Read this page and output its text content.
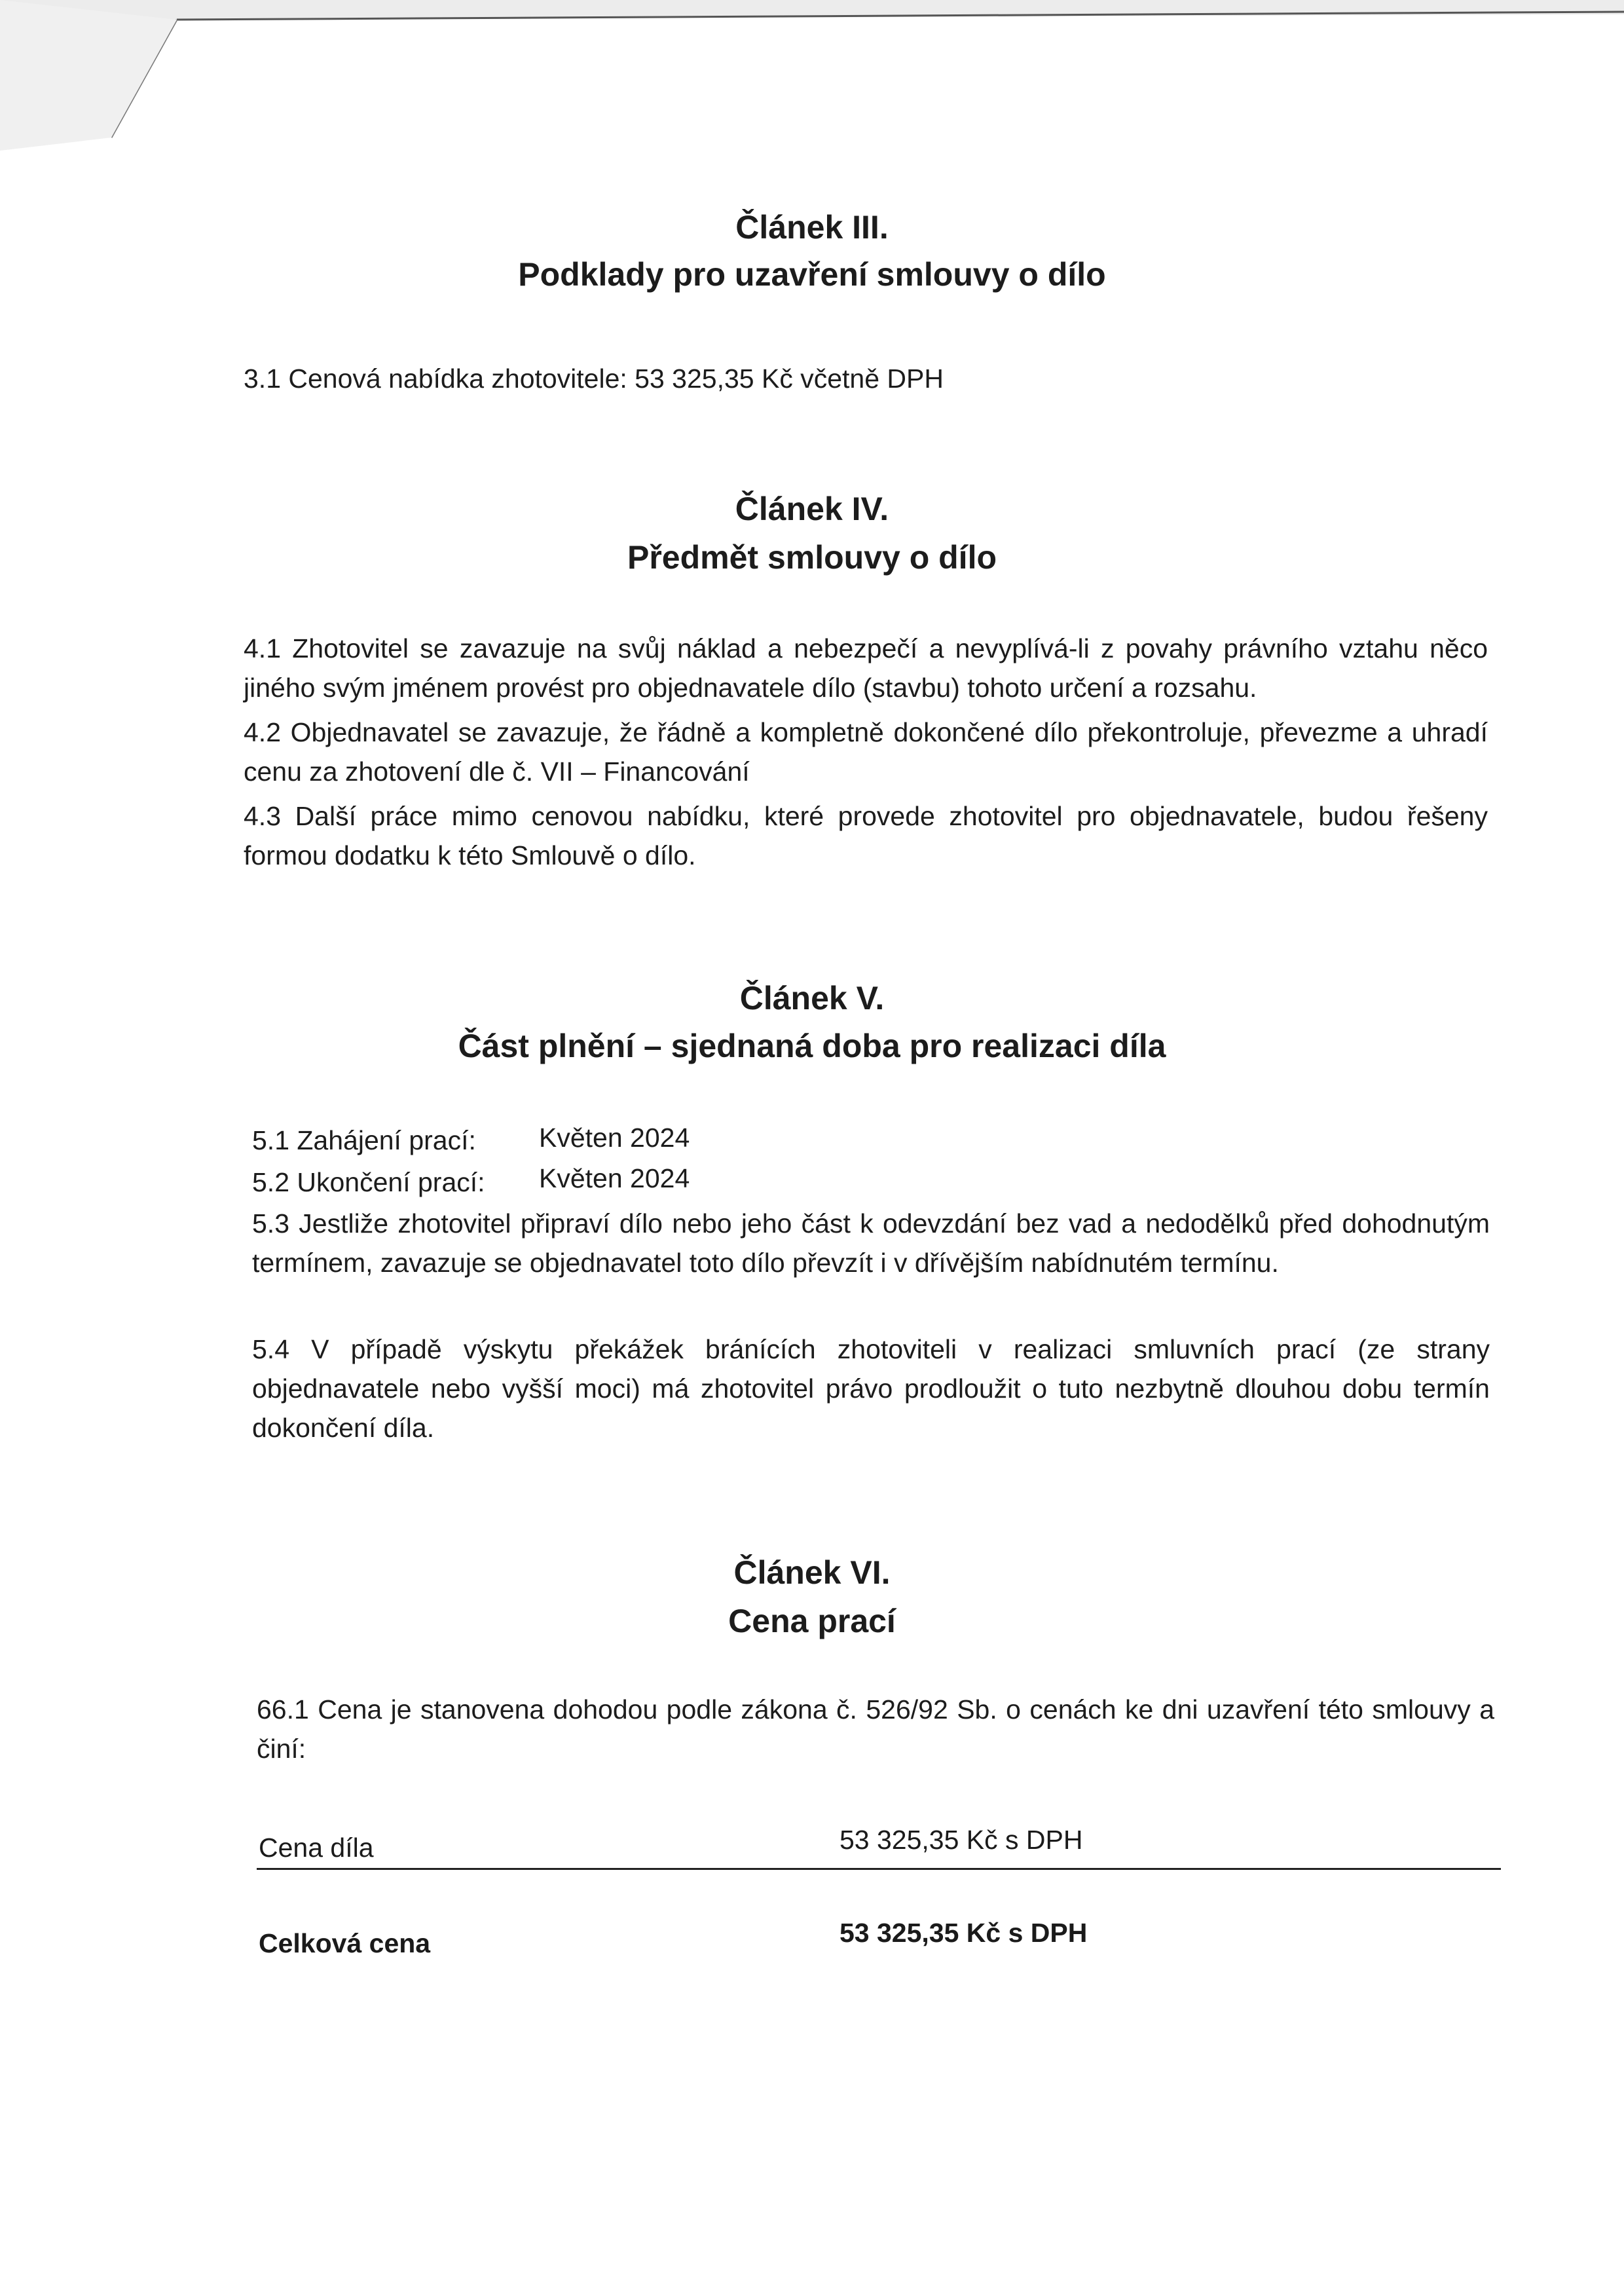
Článek III.
Podklady pro uzavření smlouvy o dílo
3.1 Cenová nabídka zhotovitele: 53 325,35 Kč včetně DPH
Článek IV.
Předmět smlouvy o dílo
4.1 Zhotovitel se zavazuje na svůj náklad a nebezpečí a nevyplívá-li z povahy právního vztahu něco jiného svým jménem provést pro objednavatele dílo (stavbu) tohoto určení a rozsahu.
4.2 Objednavatel se zavazuje, že řádně a kompletně dokončené dílo překontroluje, převezme a uhradí cenu za zhotovení dle č. VII – Financování
4.3 Další práce mimo cenovou nabídku, které provede zhotovitel pro objednavatele, budou řešeny formou dodatku k této Smlouvě o dílo.
Článek V.
Část plnění – sjednaná doba pro realizaci díla
5.1 Zahájení prací: Květen 2024
5.2 Ukončení prací: Květen 2024
5.3 Jestliže zhotovitel připraví dílo nebo jeho část k odevzdání bez vad a nedodělků před dohodnutým termínem, zavazuje se objednavatel toto dílo převzít i v dřívějším nabídnutém termínu.
5.4 V případě výskytu překážek bránících zhotoviteli v realizaci smluvních prací (ze strany objednavatele nebo vyšší moci) má zhotovitel právo prodloužit o tuto nezbytně dlouhou dobu termín dokončení díla.
Článek VI.
Cena prací
66.1 Cena je stanovena dohodou podle zákona č. 526/92 Sb. o cenách ke dni uzavření této smlouvy a činí:
Cena díla	53 325,35 Kč s DPH
Celková cena	53 325,35 Kč s DPH
